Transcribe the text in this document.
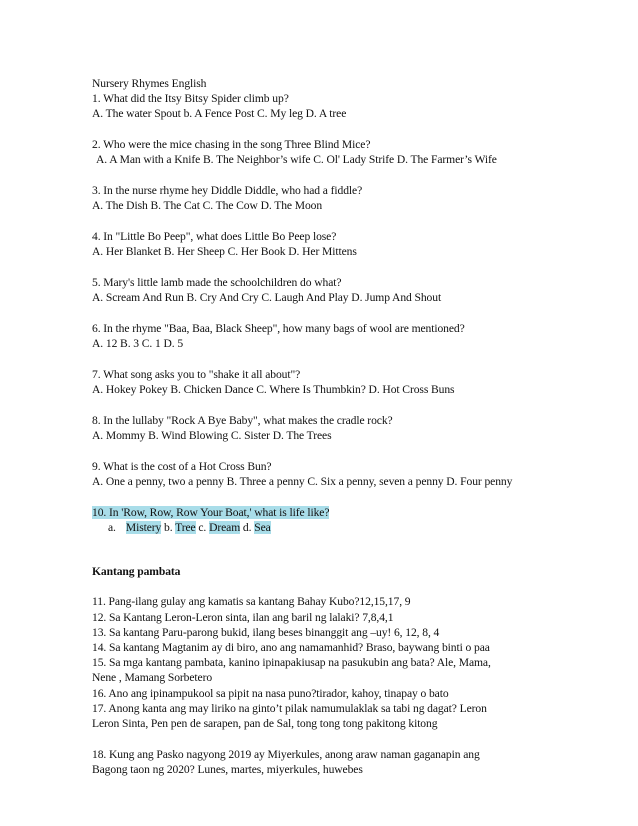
Nursery Rhymes English
1. What did the Itsy Bitsy Spider climb up?
A. The water Spout b. A Fence Post C. My leg D. A tree
2. Who were the mice chasing in the song Three Blind Mice?
A. A Man with a Knife B. The Neighbor’s wife C. Ol' Lady Strife D. The Farmer’s Wife
3. In the nurse rhyme hey Diddle Diddle, who had a fiddle?
A. The Dish B. The Cat C. The Cow D. The Moon
4. In "Little Bo Peep", what does Little Bo Peep lose?
A. Her Blanket B. Her Sheep C. Her Book D. Her Mittens
5. Mary's little lamb made the schoolchildren do what?
A. Scream And Run B. Cry And Cry C. Laugh And Play D. Jump And Shout
6. In the rhyme "Baa, Baa, Black Sheep", how many bags of wool are mentioned?
A. 12 B. 3 C. 1 D. 5
7. What song asks you to "shake it all about"?
A. Hokey Pokey B. Chicken Dance C. Where Is Thumbkin? D. Hot Cross Buns
8. In the lullaby "Rock A Bye Baby", what makes the cradle rock?
A. Mommy B. Wind Blowing C. Sister D. The Trees
9. What is the cost of a Hot Cross Bun?
A. One a penny, two a penny B. Three a penny C. Six a penny, seven a penny D. Four penny
10. In 'Row, Row, Row Your Boat,' what is life like?
a. Mistery b. Tree c. Dream d. Sea
Kantang pambata
11. Pang-ilang gulay ang kamatis sa kantang Bahay Kubo?12,15,17, 9
12. Sa Kantang Leron-Leron sinta, ilan ang baril ng lalaki? 7,8,4,1
13. Sa kantang Paru-parong bukid, ilang beses binanggit ang –uy! 6, 12, 8, 4
14. Sa kantang Magtanim ay di biro, ano ang namamanhid? Braso, baywang binti o paa
15. Sa mga kantang pambata, kanino ipinapakiusap na pasukubin ang bata? Ale, Mama,
Nene , Mamang Sorbetero
16. Ano ang ipinampukool sa pipit na nasa puno?tirador, kahoy, tinapay o bato
17. Anong kanta ang may liriko na ginto’t pilak namumulaklak sa tabi ng dagat? Leron
Leron Sinta, Pen pen de sarapen, pan de Sal, tong tong tong pakitong kitong
18. Kung ang Pasko nagyong 2019 ay Miyerkules, anong araw naman gaganapin ang
Bagong taon ng 2020? Lunes, martes, miyerkules, huwebes
